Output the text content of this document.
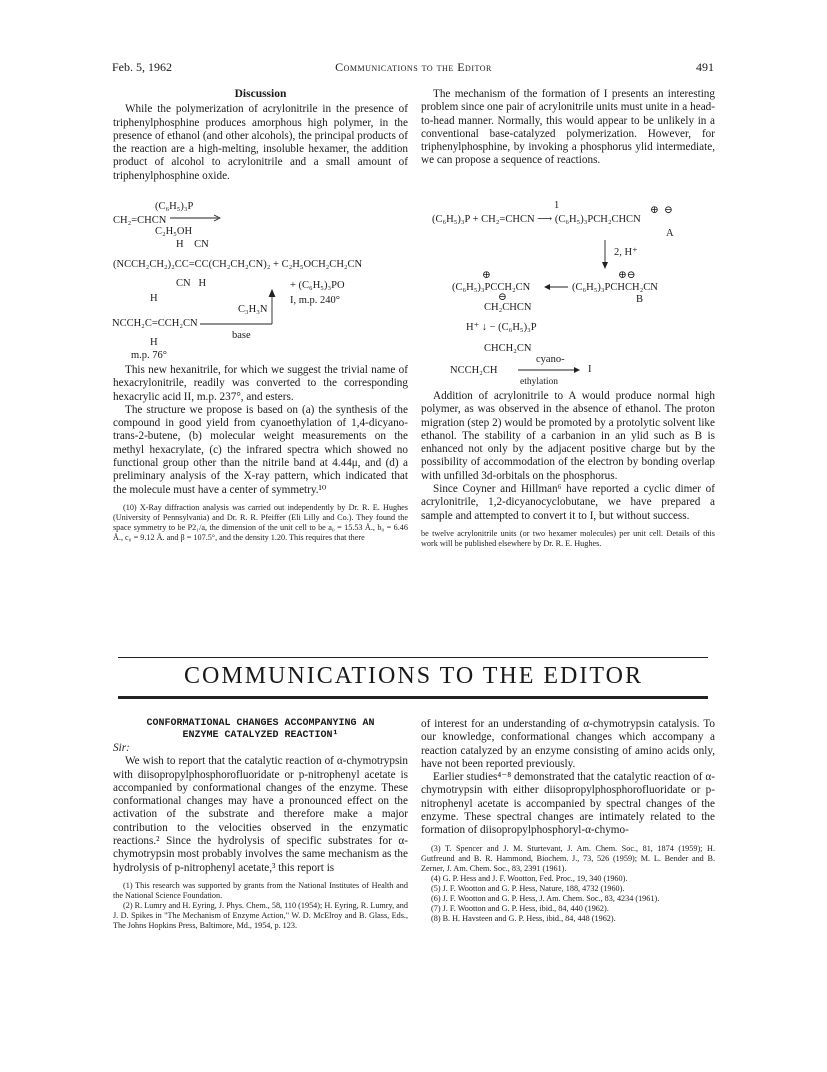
Feb. 5, 1962	Communications to the Editor	491
Discussion

While the polymerization of acrylonitrile in the presence of triphenylphosphine produces amorphous high polymer, in the presence of ethanol (and other alcohols), the principal products of the reaction are a high-melting, insoluble hexamer, the addition product of alcohol to acrylonitrile and a small amount of triphenylphosphine oxide.

(C₆H₅)₃P
CH₂=CHCN
C₂H₅OH
H    CN
(NCCH₂CH₂)₂CC=CC(CH₂CH₂CN)₂ + C₂H₅OCH₂CH₂CN
CN   H	+ (C₆H₅)₃PO
H
C₃H₃N
I, m.p. 240°
NCCH₂C=CCH₂CN
base
H
m.p. 76°

This new hexanitrile, for which we suggest the trivial name of hexacrylonitrile, readily was converted to the corresponding hexacrylic acid II, m.p. 237°, and esters.

The structure we propose is based on (a) the synthesis of the compound in good yield from cyanoethylation of 1,4-dicyano-trans-2-butene, (b) molecular weight measurements on the methyl hexacrylate, (c) the infrared spectra which showed no functional group other than the nitrile band at 4.44μ, and (d) a preliminary analysis of the X-ray pattern, which indicated that the molecule must have a center of symmetry.¹⁰

(10) X-Ray diffraction analysis was carried out independently by Dr. R. E. Hughes (University of Pennsylvania) and Dr. R. R. Pfeiffer (Eli Lilly and Co.). They found the space symmetry to be P2₁/a, the dimension of the unit cell to be a₀ = 15.53 Å., b₀ = 6.46 Å., c₀ = 9.12 Å. and β = 107.5°, and the density 1.20. This requires that there

The mechanism of the formation of I presents an interesting problem since one pair of acrylonitrile units must unite in a head-to-head manner. Normally, this would appear to be unlikely in a conventional base-catalyzed polymerization. However, for triphenylphosphine, by invoking a phosphorus ylid intermediate, we can propose a sequence of reactions.

1	⊕  ⊖
(C₆H₅)₃P + CH₂=CHCN ⟶ (C₆H₅)₃PCH₂CHCN
A
2, H⁺
⊕	⊕⊖
(C₆H₅)₃PCCH₂CN	(C₆H₅)₃PCHCH₂CN
⊖	B
CH₂CHCN
H⁺ ↓ − (C₆H₅)₃P
CHCH₂CN
cyano-
NCCH₂CH	I
ethylation

Addition of acrylonitrile to A would produce normal high polymer, as was observed in the absence of ethanol. The proton migration (step 2) would be promoted by a protolytic solvent like ethanol. The stability of a carbanion in an ylid such as B is enhanced not only by the adjacent positive charge but by the possibility of accommodation of the electron by bonding overlap with unfilled 3d-orbitals on the phosphorus.

Since Coyner and Hillman⁶ have reported a cyclic dimer of acrylonitrile, 1,2-dicyanocyclobutane, we have prepared a sample and attempted to convert it to I, but without success.

be twelve acrylonitrile units (or two hexamer molecules) per unit cell. Details of this work will be published elsewhere by Dr. R. E. Hughes.

COMMUNICATIONS TO THE EDITOR
CONFORMATIONAL CHANGES ACCOMPANYING AN
ENZYME CATALYZED REACTION¹

Sir:

We wish to report that the catalytic reaction of α-chymotrypsin with diisopropylphosphorofluoridate or p-nitrophenyl acetate is accompanied by conformational changes of the enzyme. These conformational changes may have a pronounced effect on the activation of the substrate and therefore make a major contribution to the velocities observed in the enzymatic reactions.² Since the hydrolysis of specific substrates for α-chymotrypsin most probably involves the same mechanism as the hydrolysis of p-nitrophenyl acetate,³ this report is

(1) This research was supported by grants from the National Institutes of Health and the National Science Foundation.

(2) R. Lumry and H. Eyring, J. Phys. Chem., 58, 110 (1954); H. Eyring, R. Lumry, and J. D. Spikes in "The Mechanism of Enzyme Action," W. D. McElroy and B. Glass, Eds., The Johns Hopkins Press, Baltimore, Md., 1954, p. 123.

of interest for an understanding of α-chymotrypsin catalysis. To our knowledge, conformational changes which accompany a reaction catalyzed by an enzyme consisting of amino acids only, have not been reported previously.

Earlier studies⁴⁻⁸ demonstrated that the catalytic reaction of α-chymotrypsin with either diisopropylphosphorofluoridate or p-nitrophenyl acetate is accompanied by spectral changes of the enzyme. These spectral changes are intimately related to the formation of diisopropylphosphoryl-α-chymo-

(3) T. Spencer and J. M. Sturtevant, J. Am. Chem. Soc., 81, 1874 (1959); H. Gutfreund and B. R. Hammond, Biochem. J., 73, 526 (1959); M. L. Bender and B. Zerner, J. Am. Chem. Soc., 83, 2391 (1961).

(4) G. P. Hess and J. F. Wootton, Fed. Proc., 19, 340 (1960).

(5) J. F. Wootton and G. P. Hess, Nature, 188, 4732 (1960).

(6) J. F. Wootton and G. P. Hess, J. Am. Chem. Soc., 83, 4234 (1961).

(7) J. F. Wootton and G. P. Hess, ibid., 84, 440 (1962).

(8) B. H. Havsteen and G. P. Hess, ibid., 84, 448 (1962).
